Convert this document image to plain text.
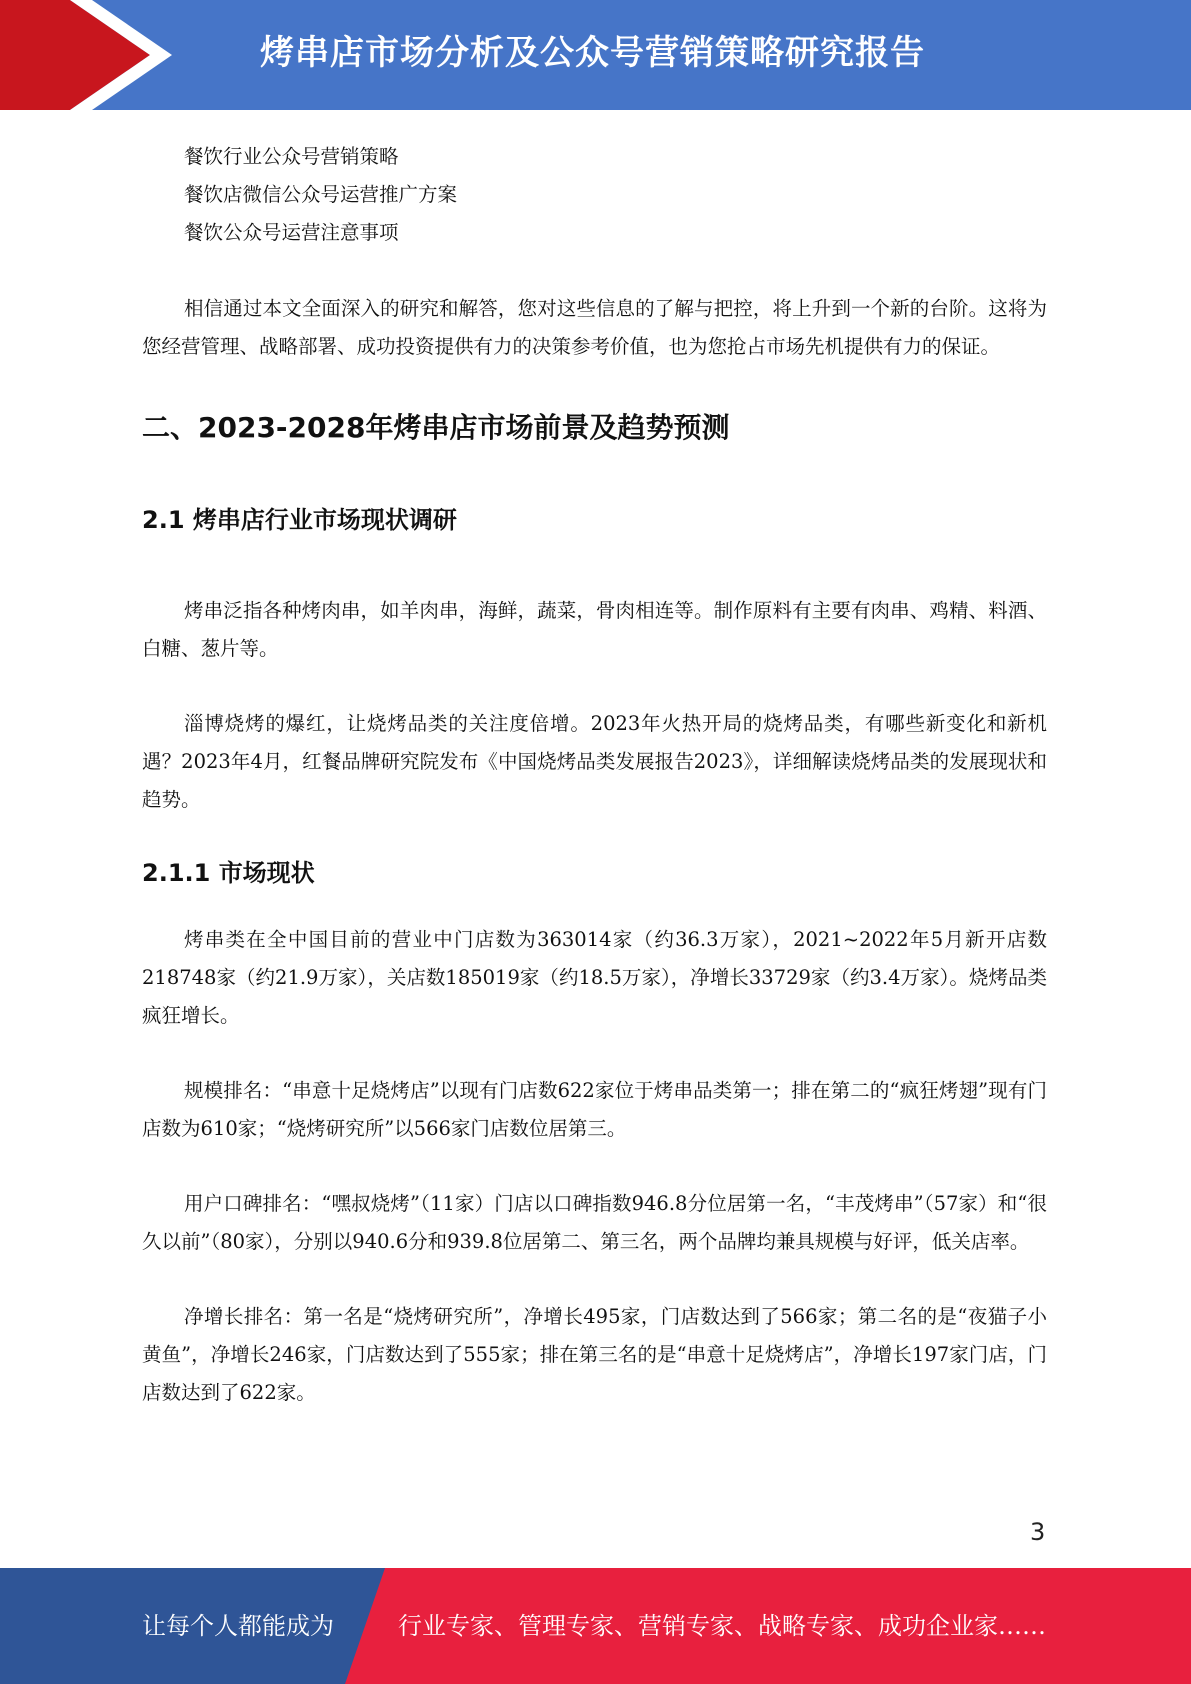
烤串店市场分析及公众号营销策略研究报告
餐饮行业公众号营销策略
餐饮店微信公众号运营推广方案
餐饮公众号运营注意事项

相信通过本文全面深入的研究和解答，您对这些信息的了解与把控，将上升到一个新的台阶。这将为您经营管理、战略部署、成功投资提供有力的决策参考价值，也为您抢占市场先机提供有力的保证。

二、2023-2028年烤串店市场前景及趋势预测
2.1 烤串店行业市场现状调研

烤串泛指各种烤肉串，如羊肉串，海鲜，蔬菜，骨肉相连等。制作原料有主要有肉串、鸡精、料酒、白糖、葱片等。

淄博烧烤的爆红，让烧烤品类的关注度倍增。2023年火热开局的烧烤品类，有哪些新变化和新机遇？2023年4月，红餐品牌研究院发布《中国烧烤品类发展报告2023》，详细解读烧烤品类的发展现状和趋势。

2.1.1 市场现状

烤串类在全中国目前的营业中门店数为363014家（约36.3万家），2021~2022年5月新开店数218748家（约21.9万家），关店数185019家（约18.5万家），净增长33729家（约3.4万家）。烧烤品类疯狂增长。

规模排名：“串意十足烧烤店”以现有门店数622家位于烤串品类第一；排在第二的“疯狂烤翅”现有门店数为610家；“烧烤研究所”以566家门店数位居第三。

用户口碑排名：“嘿叔烧烤”（11家）门店以口碑指数946.8分位居第一名，“丰茂烤串”（57家）和“很久以前”（80家），分别以940.6分和939.8位居第二、第三名，两个品牌均兼具规模与好评，低关店率。

净增长排名：第一名是“烧烤研究所”，净增长495家，门店数达到了566家；第二名的是“夜猫子小黄鱼”，净增长246家，门店数达到了555家；排在第三名的是“串意十足烧烤店”，净增长197家门店，门店数达到了622家。

3
让每个人都能成为	行业专家、管理专家、营销专家、战略专家、成功企业家……
